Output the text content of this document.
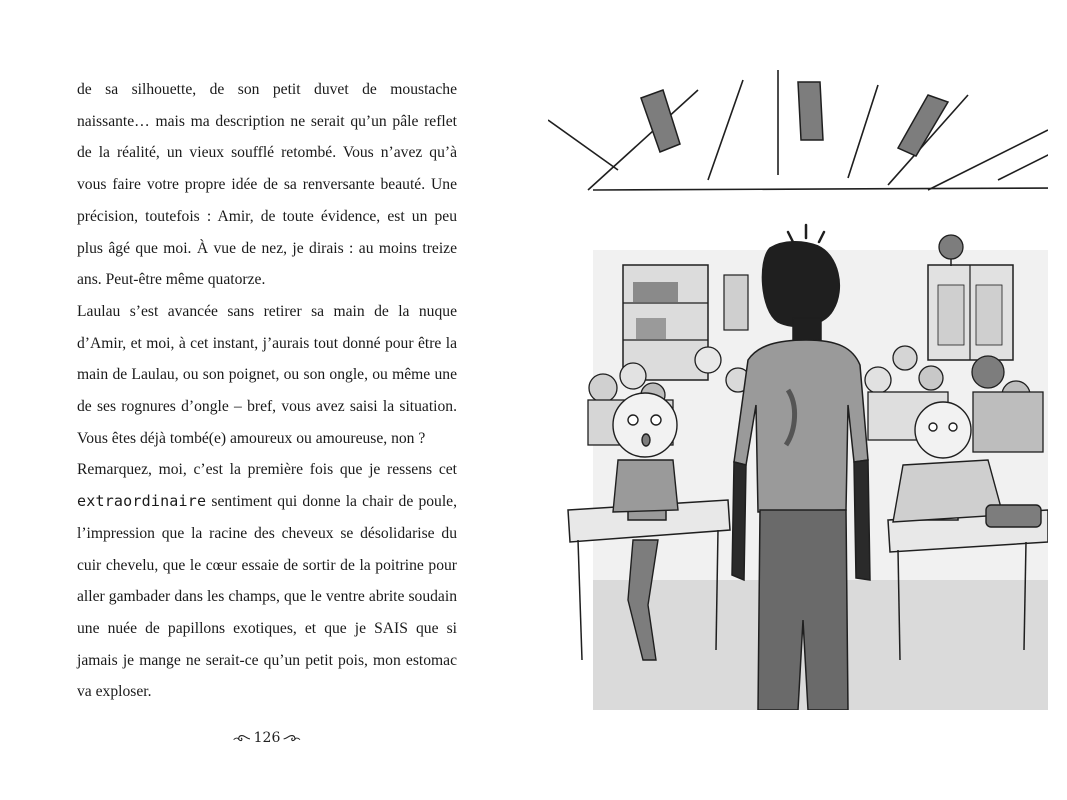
de sa silhouette, de son petit duvet de moustache naissante… mais ma description ne serait qu’un pâle reflet de la réalité, un vieux soufflé retombé. Vous n’avez qu’à vous faire votre propre idée de sa renversante beauté. Une précision, toutefois : Amir, de toute évidence, est un peu plus âgé que moi. À vue de nez, je dirais : au moins treize ans. Peut-être même quatorze.

Laulau s’est avancée sans retirer sa main de la nuque d’Amir, et moi, à cet instant, j’aurais tout donné pour être la main de Laulau, ou son poignet, ou son ongle, ou même une de ses rognures d’ongle – bref, vous avez saisi la situation. Vous êtes déjà tombé(e) amoureux ou amoureuse, non ?

Remarquez, moi, c’est la première fois que je ressens cet extraordinaire sentiment qui donne la chair de poule, l’impression que la racine des cheveux se désolidarise du cuir chevelu, que le cœur essaie de sortir de la poitrine pour aller gambader dans les champs, que le ventre abrite soudain une nuée de papillons exotiques, et que je SAIS que si jamais je mange ne serait-ce qu’un petit pois, mon estomac va exploser.

126
